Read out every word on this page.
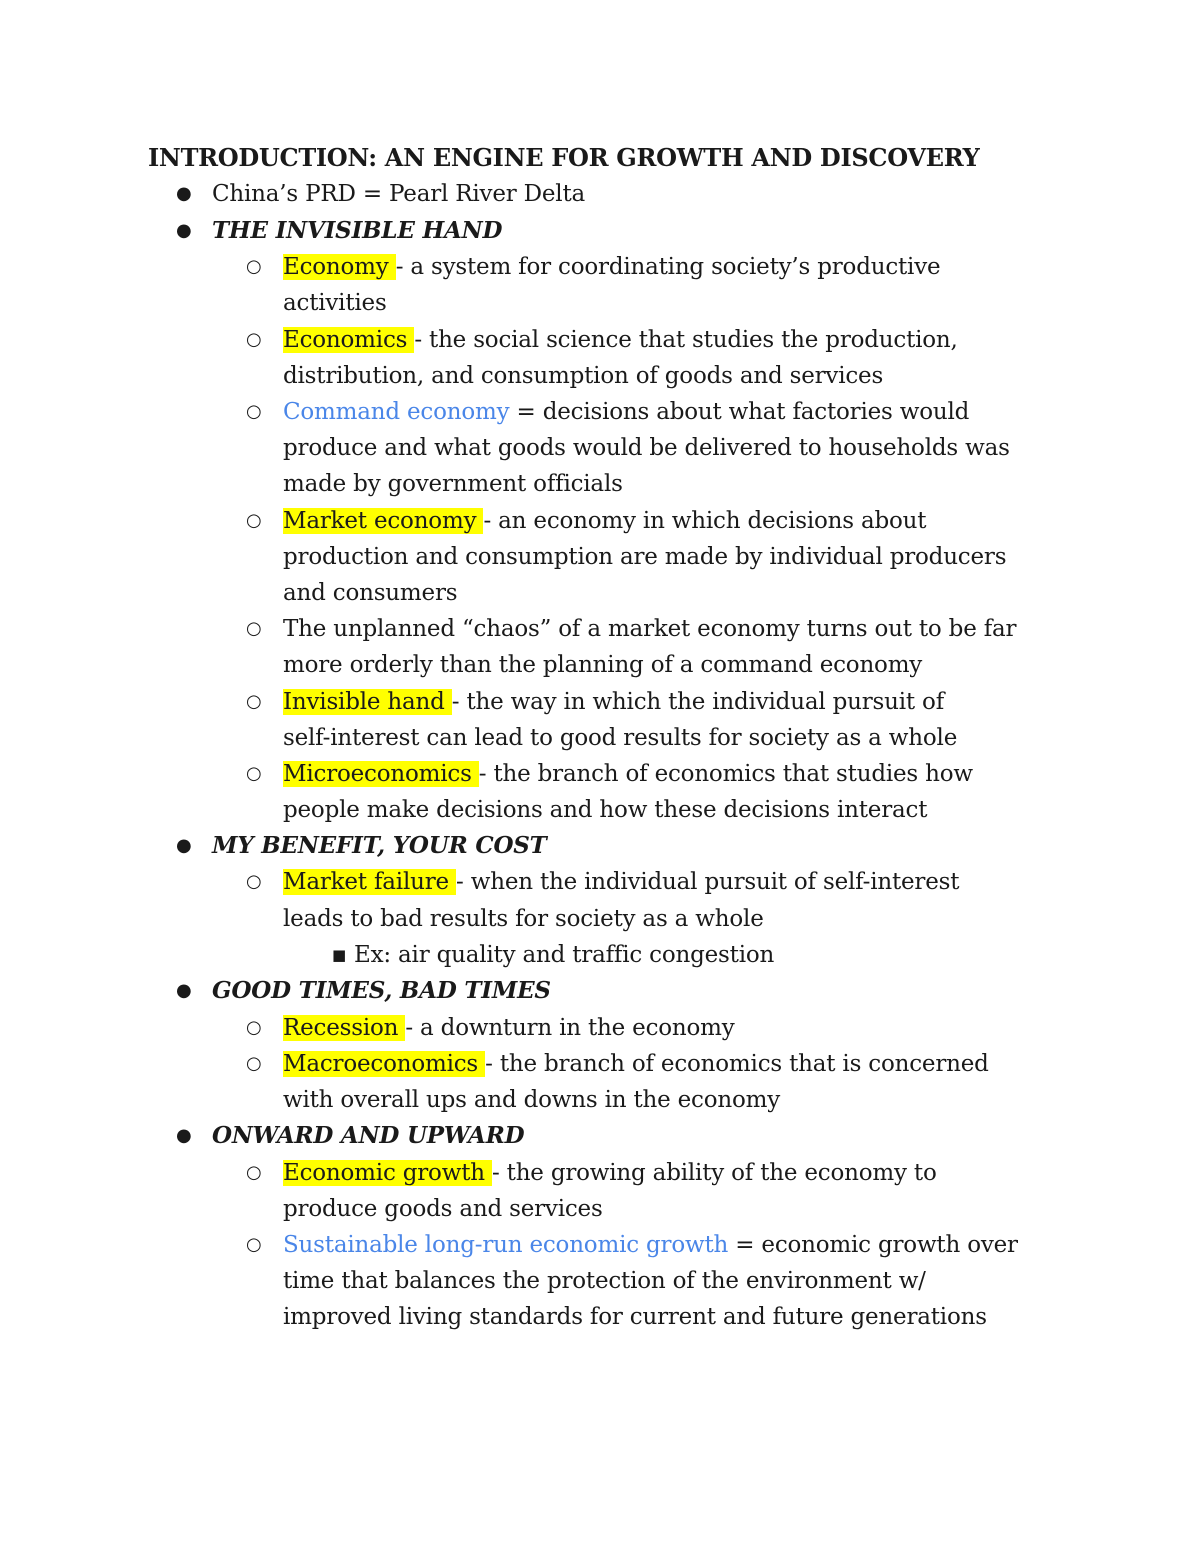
INTRODUCTION: AN ENGINE FOR GROWTH AND DISCOVERY
● China’s PRD = Pearl River Delta
● THE INVISIBLE HAND
○ Economy - a system for coordinating society’s productive
activities
○ Economics - the social science that studies the production,
distribution, and consumption of goods and services
○ Command economy = decisions about what factories would
produce and what goods would be delivered to households was
made by government officials
○ Market economy - an economy in which decisions about
production and consumption are made by individual producers
and consumers
○ The unplanned “chaos” of a market economy turns out to be far
more orderly than the planning of a command economy
○ Invisible hand - the way in which the individual pursuit of
self-interest can lead to good results for society as a whole
○ Microeconomics - the branch of economics that studies how
people make decisions and how these decisions interact
● MY BENEFIT, YOUR COST
○ Market failure - when the individual pursuit of self-interest
leads to bad results for society as a whole
■ Ex: air quality and traffic congestion
● GOOD TIMES, BAD TIMES
○ Recession - a downturn in the economy
○ Macroeconomics - the branch of economics that is concerned
with overall ups and downs in the economy
● ONWARD AND UPWARD
○ Economic growth - the growing ability of the economy to
produce goods and services
○ Sustainable long-run economic growth = economic growth over
time that balances the protection of the environment w/
improved living standards for current and future generations
